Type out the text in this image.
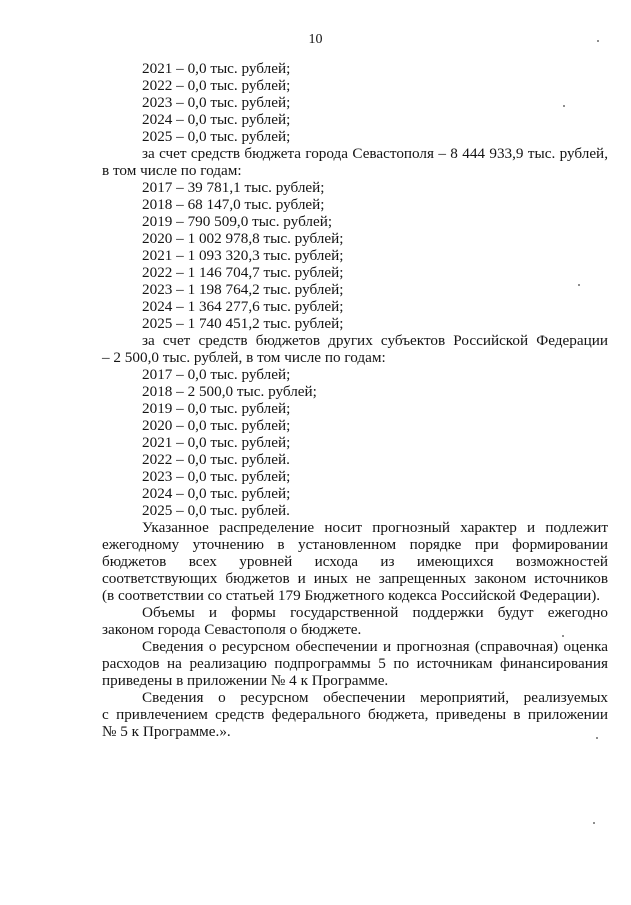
10
2021 – 0,0 тыс. рублей;
2022 – 0,0 тыс. рублей;
2023 – 0,0 тыс. рублей;
2024 – 0,0 тыс. рублей;
2025 – 0,0 тыс. рублей;
за счет средств бюджета города Севастополя – 8 444 933,9 тыс. рублей,
в том числе по годам:
2017 – 39 781,1 тыс. рублей;
2018 – 68 147,0 тыс. рублей;
2019 – 790 509,0 тыс. рублей;
2020 – 1 002 978,8 тыс. рублей;
2021 – 1 093 320,3 тыс. рублей;
2022 – 1 146 704,7 тыс. рублей;
2023 – 1 198 764,2 тыс. рублей;
2024 – 1 364 277,6 тыс. рублей;
2025 – 1 740 451,2 тыс. рублей;
за счет средств бюджетов других субъектов Российской Федерации
– 2 500,0 тыс. рублей, в том числе по годам:
2017 – 0,0 тыс. рублей;
2018 – 2 500,0 тыс. рублей;
2019 – 0,0 тыс. рублей;
2020 – 0,0 тыс. рублей;
2021 – 0,0 тыс. рублей;
2022 – 0,0 тыс. рублей.
2023 – 0,0 тыс. рублей;
2024 – 0,0 тыс. рублей;
2025 – 0,0 тыс. рублей.
Указанное распределение носит прогнозный характер и подлежит
ежегодному уточнению в установленном порядке при формировании
бюджетов всех уровней исхода из имеющихся возможностей
соответствующих бюджетов и иных не запрещенных законом источников
(в соответствии со статьей 179 Бюджетного кодекса Российской Федерации).
Объемы и формы государственной поддержки будут ежегодно
законом города Севастополя о бюджете.
Сведения о ресурсном обеспечении и прогнозная (справочная) оценка
расходов на реализацию подпрограммы 5 по источникам финансирования
приведены в приложении № 4 к Программе.
Сведения о ресурсном обеспечении мероприятий, реализуемых
с привлечением средств федерального бюджета, приведены в приложении
№ 5 к Программе.».
